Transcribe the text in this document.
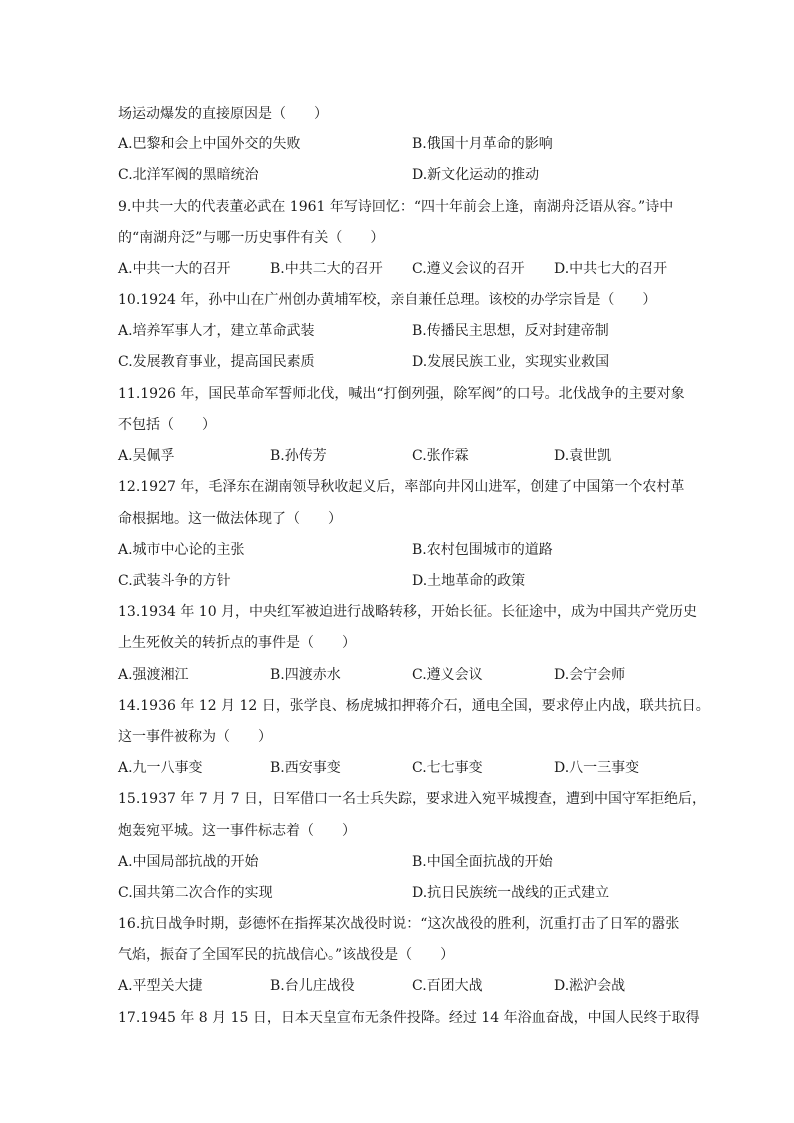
场运动爆发的直接原因是（　　）
A.巴黎和会上中国外交的失败	B.俄国十月革命的影响
C.北洋军阀的黑暗统治	D.新文化运动的推动
9.中共一大的代表董必武在 1961 年写诗回忆：“四十年前会上逢，南湖舟泛语从容。”诗中
的“南湖舟泛”与哪一历史事件有关（　　）
A.中共一大的召开	B.中共二大的召开 C.遵义会议的召开 D.中共七大的召开
10.1924 年，孙中山在广州创办黄埔军校，亲自兼任总理。该校的办学宗旨是（　　）
A.培养军事人才，建立革命武装	B.传播民主思想，反对封建帝制
C.发展教育事业，提高国民素质	D.发展民族工业，实现实业救国
11.1926 年，国民革命军誓师北伐，喊出“打倒列强，除军阀”的口号。北伐战争的主要对象
不包括（　　）
A.吴佩孚	B.孙传芳	C.张作霖	D.袁世凯
12.1927 年，毛泽东在湖南领导秋收起义后，率部向井冈山进军，创建了中国第一个农村革
命根据地。这一做法体现了（　　）
A.城市中心论的主张	B.农村包围城市的道路
C.武装斗争的方针	D.土地革命的政策
13.1934 年 10 月，中央红军被迫进行战略转移，开始长征。长征途中，成为中国共产党历史
上生死攸关的转折点的事件是（　　）
A.强渡湘江	B.四渡赤水	C.遵义会议	D.会宁会师
14.1936 年 12 月 12 日，张学良、杨虎城扣押蒋介石，通电全国，要求停止内战，联共抗日。
这一事件被称为（　　）
A.九一八事变	B.西安事变	C.七七事变	D.八一三事变
15.1937 年 7 月 7 日，日军借口一名士兵失踪，要求进入宛平城搜查，遭到中国守军拒绝后，
炮轰宛平城。这一事件标志着（　　）
A.中国局部抗战的开始	B.中国全面抗战的开始
C.国共第二次合作的实现	D.抗日民族统一战线的正式建立
16.抗日战争时期，彭德怀在指挥某次战役时说：“这次战役的胜利，沉重打击了日军的嚣张
气焰，振奋了全国军民的抗战信心。”该战役是（　　）
A.平型关大捷	B.台儿庄战役	C.百团大战	D.淞沪会战
17.1945 年 8 月 15 日，日本天皇宣布无条件投降。经过 14 年浴血奋战，中国人民终于取得
